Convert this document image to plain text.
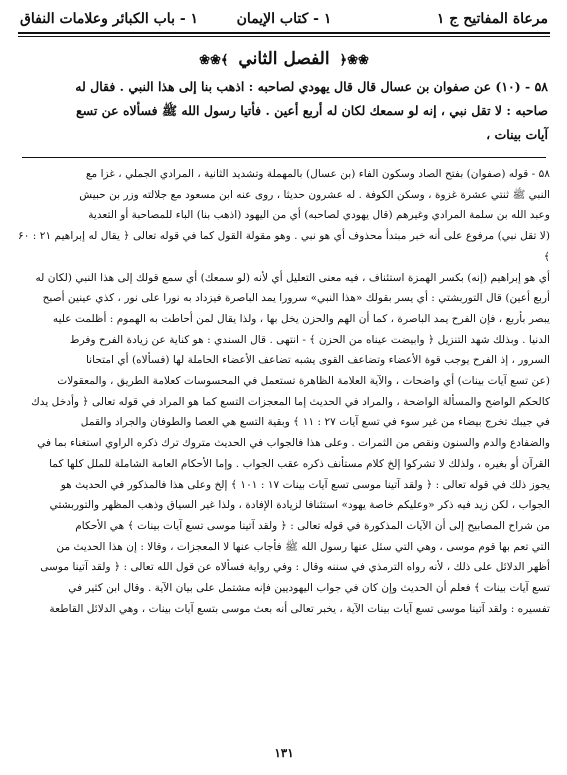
مرعاة المفاتيح ج ۱
۱ - كتاب الإيمان
۱ - باب الكبائر وعلامات النفاق
❀❀﴿ الفصل الثاني ﴾❀❀

۵۸ - (۱۰) عن صفوان بن عسال قال قال يهودي لصاحبه : اذهب بنا إلى هذا النبي . فقال له

صاحبه : لا تقل نبي ، إنه لو سمعك لكان له أربع أعين . فأتيا رسول الله ﷺ فسألاه عن تسع

آيات بينات ،

۵۸ - قوله (صفوان) بفتح الصاد وسكون الفاء (بن عسال) بالمهملة وتشديد الثانية ، المرادي الجملي ، غزا مع

النبي ﷺ ثنتي عشرة غزوة ، وسكن الكوفة . له عشرون حديثا ، روى عنه ابن مسعود مع جلالته وزر بن حبيش

وعبد الله بن سلمة المرادي وغيرهم (قال يهودي لصاحبه) أي من اليهود (اذهب بنا) الباء للمصاحبة أو التعدية

(لا تقل نبي) مرفوع على أنه خبر مبتدأ محذوف أي هو نبي . وهو مقولة القول كما في قوله تعالى ﴿ يقال له إبراهيم ۲۱ : ۶۰ ﴾

أي هو إبراهيم (إنه) بكسر الهمزة استئناف ، فيه معنى التعليل أي لأنه (لو سمعك) أي سمع قولك إلى هذا النبي (لكان له

أربع أعين) قال التوربشتي : أي يسر بقولك «هذا النبي» سرورا يمد الباصرة فيزداد به نورا على نور ، كذي عينين أصبح

يبصر بأربع ، فإن الفرح يمد الباصرة ، كما أن الهم والحزن يخل بها ، ولذا يقال لمن أحاطت به الهموم : أظلمت عليه

الدنيا . وبذلك شهد التنزيل ﴿ وابيضت عيناه من الحزن ﴾ - انتهى . قال السندي : هو كناية عن زيادة الفرح وفرط

السرور ، إذ الفرح يوجب قوة الأعضاء وتضاعف القوى يشبه تضاعف الأعضاء الحاملة لها (فسألاه) أي امتحانا

(عن تسع آيات بينات) أي واضحات ، والآية العلامة الظاهرة تستعمل في المحسوسات كعلامة الطريق ، والمعقولات

كالحكم الواضح والمسألة الواضحة ، والمراد في الحديث إما المعجزات التسع كما هو المراد في قوله تعالى ﴿ وأدخل يدك

في جيبك تخرج بيضاء من غير سوء في تسع آيات ۲۷ : ۱۱ ﴾ وبقية التسع هي العصا والطوفان والجراد والقمل

والضفادع والدم والسنون ونقص من الثمرات . وعلى هذا فالجواب في الحديث متروك ترك ذكره الراوي استغناء بما في

القرآن أو بغيره ، ولذلك لا تشركوا إلخ كلام مستأنف ذكره عقب الجواب . وإما الأحكام العامة الشاملة للملل كلها كما

يجوز ذلك في قوله تعالى : ﴿ ولقد آتينا موسى تسع آيات بينات ۱۷ : ۱۰۱ ﴾ إلخ وعلى هذا فالمذكور في الحديث هو

الجواب ، لكن زيد فيه ذكر «وعليكم خاصة يهود» استئنافا لزيادة الإفادة ، ولذا غير السياق وذهب المظهر والتوربشتي

من شراح المصابيح إلى أن الآيات المذكورة في قوله تعالى : ﴿ ولقد آتينا موسى تسع آيات بينات ﴾ هي الأحكام

التي تعم بها قوم موسى ، وهي التي سئل عنها رسول الله ﷺ فأجاب عنها لا المعجزات ، وقالا : إن هذا الحديث من

أظهر الدلائل على ذلك ، لأنه رواه الترمذي في سننه وقال : وفي رواية فسألاه عن قول الله تعالى : ﴿ ولقد آتينا موسى

تسع آيات بينات ﴾ فعلم أن الحديث وإن كان في جواب اليهوديين فإنه مشتمل على بيان الآية . وقال ابن كثير في

تفسيره : ولقد آتينا موسى تسع آيات بينات الآية ، يخبر تعالى أنه بعث موسى بتسع آيات بينات ، وهي الدلائل القاطعة

۱۳۱
